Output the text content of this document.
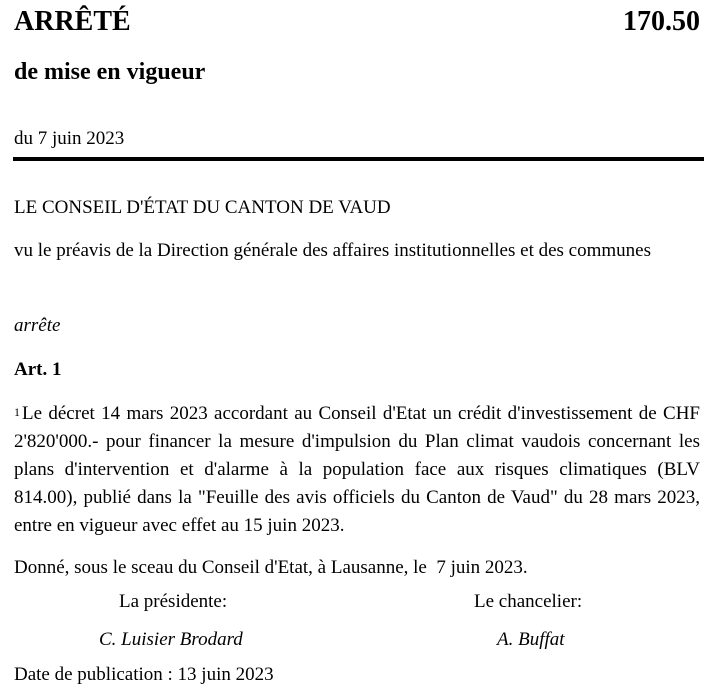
ARRÊTÉ	170.50
de mise en vigueur
du 7 juin 2023
LE CONSEIL D'ÉTAT DU CANTON DE VAUD
vu le préavis de la Direction générale des affaires institutionnelles et des communes
arrête
Art. 1
$^1$ Le décret 14 mars 2023 accordant au Conseil d'Etat un crédit d'investissement de CHF 2'820'000.- pour financer la mesure d'impulsion du Plan climat vaudois concernant les plans d'intervention et d'alarme à la population face aux risques climatiques (BLV 814.00), publié dans la "Feuille des avis officiels du Canton de Vaud" du 28 mars 2023, entre en vigueur avec effet au 15 juin 2023.
Donné, sous le sceau du Conseil d'Etat, à Lausanne, le  7 juin 2023.
La présidente:	Le chancelier:
C. Luisier Brodard	A. Buffat
Date de publication : 13 juin 2023
